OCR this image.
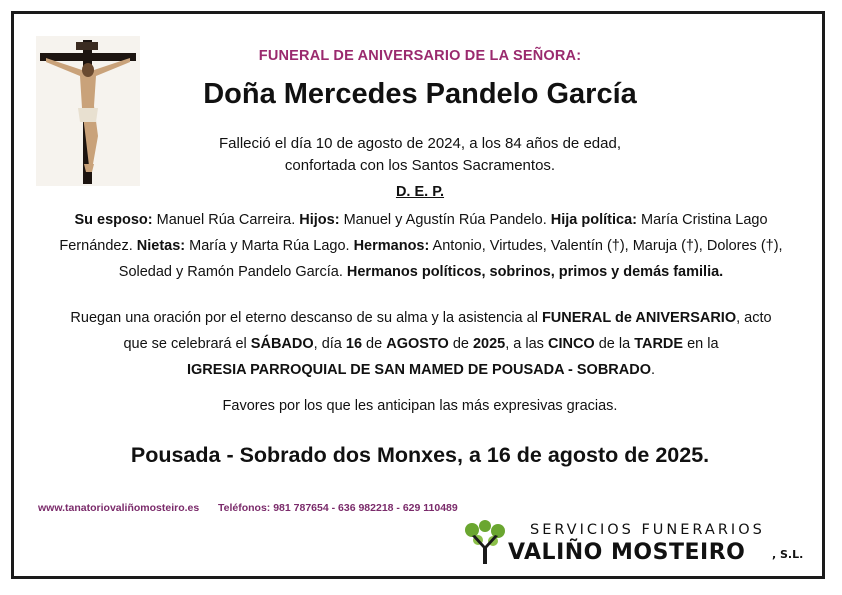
FUNERAL DE ANIVERSARIO DE LA SEÑORA:
Doña Mercedes Pandelo García
Falleció el día 10 de agosto de 2024, a los 84 años de edad,
confortada con los Santos Sacramentos.
D. E. P.
Su esposo: Manuel Rúa Carreira. Hijos: Manuel y Agustín Rúa Pandelo. Hija política: María Cristina Lago Fernández. Nietas: María y Marta Rúa Lago. Hermanos: Antonio, Virtudes, Valentín (†), Maruja (†), Dolores (†), Soledad y Ramón Pandelo García. Hermanos políticos, sobrinos, primos y demás familia.
Ruegan una oración por el eterno descanso de su alma y la asistencia al FUNERAL de ANIVERSARIO, acto que se celebrará el SÁBADO, día 16 de AGOSTO de 2025, a las CINCO de la TARDE en la
IGRESIA PARROQUIAL DE SAN MAMED DE POUSADA - SOBRADO.
Favores por los que les anticipan las más expresivas gracias.
Pousada - Sobrado dos Monxes, a 16 de agosto de 2025.
www.tanatoriovaliñomosteiro.es Teléfonos: 981 787654 - 636 982218 - 629 110489
SERVICIOS FUNERARIOS
VALIÑO MOSTEIRO , S.L.
